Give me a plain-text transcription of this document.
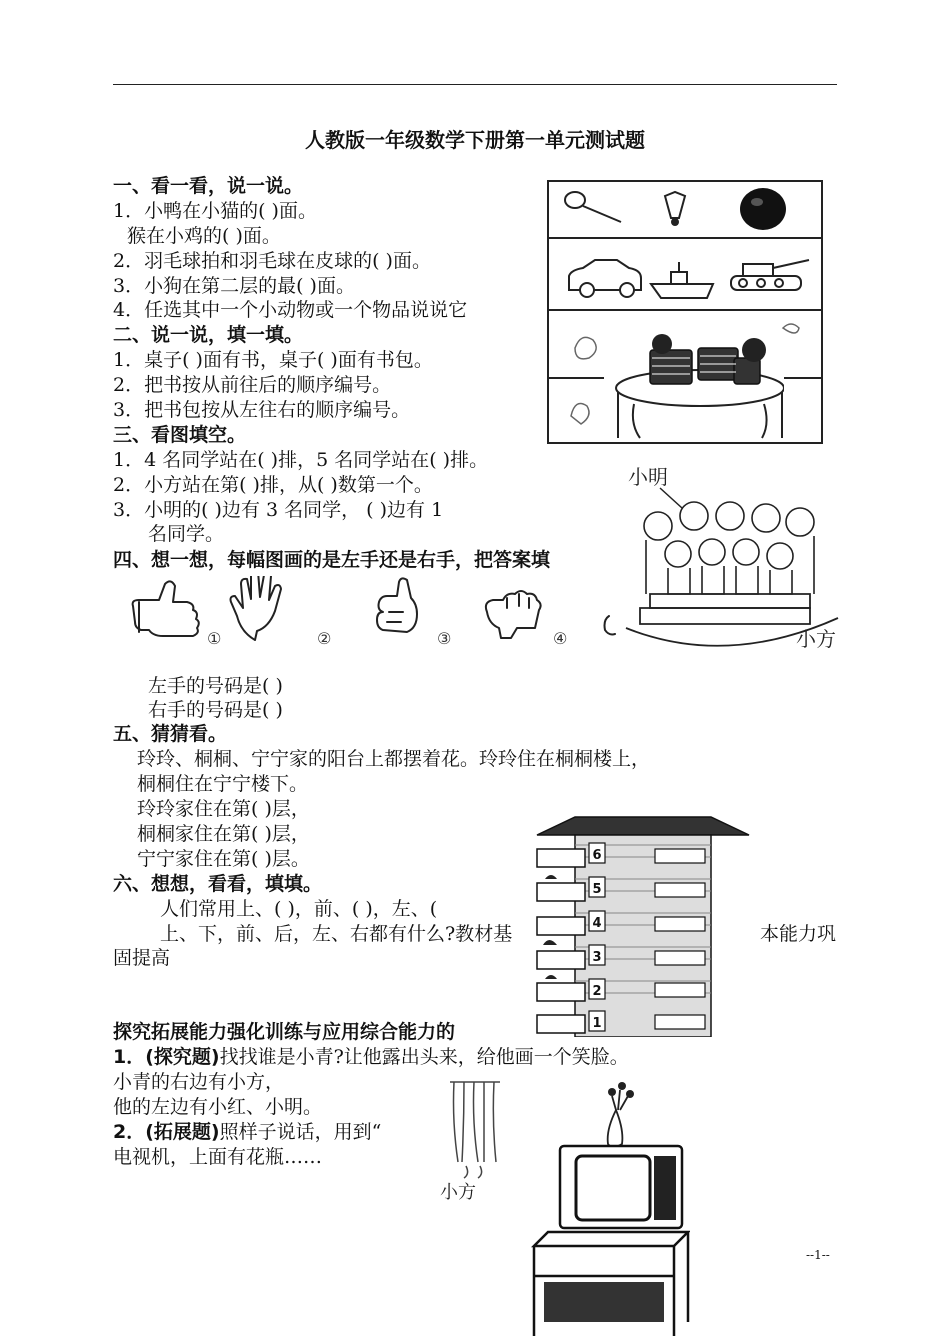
人教版一年级数学下册第一单元测试题
一、看一看，说一说。
1．小鸭在小猫的( )面。
猴在小鸡的( )面。
2．羽毛球拍和羽毛球在皮球的( )面。
3．小狗在第二层的最( )面。
4．任选其中一个小动物或一个物品说说它
二、说一说，填一填。
1．桌子( )面有书，桌子( )面有书包。
2．把书按从前往后的顺序编号。
3．把书包按从左往右的顺序编号。
三、看图填空。
1．4 名同学站在( )排，5 名同学站在( )排。
2．小方站在第( )排，从( )数第一个。
3．小明的( )边有 3 名同学， ( )边有 1
名同学。
四、想一想，每幅图画的是左手还是右手，把答案填
①	②	③	④
左手的号码是( )
右手的号码是( )
五、猜猜看。
玲玲、桐桐、宁宁家的阳台上都摆着花。玲玲住在桐桐楼上，
桐桐住在宁宁楼下。
玲玲家住在第( )层，
桐桐家住在第( )层，
宁宁家住在第( )层。
六、想想，看看，填填。
人们常用上、( )，前、( )，左、(
上、下，前、后，左、右都有什么?教材基	本能力巩
固提高
探究拓展能力强化训练与应用综合能力的
1．(探究题)找找谁是小青?让他露出头来，给他画一个笑脸。
小青的右边有小方，
他的左边有小红、小明。
2．(拓展题)照样子说话，用到“
电视机，上面有花瓶……
小明
小方
6
5
4
3
2
1
小方
--1--
